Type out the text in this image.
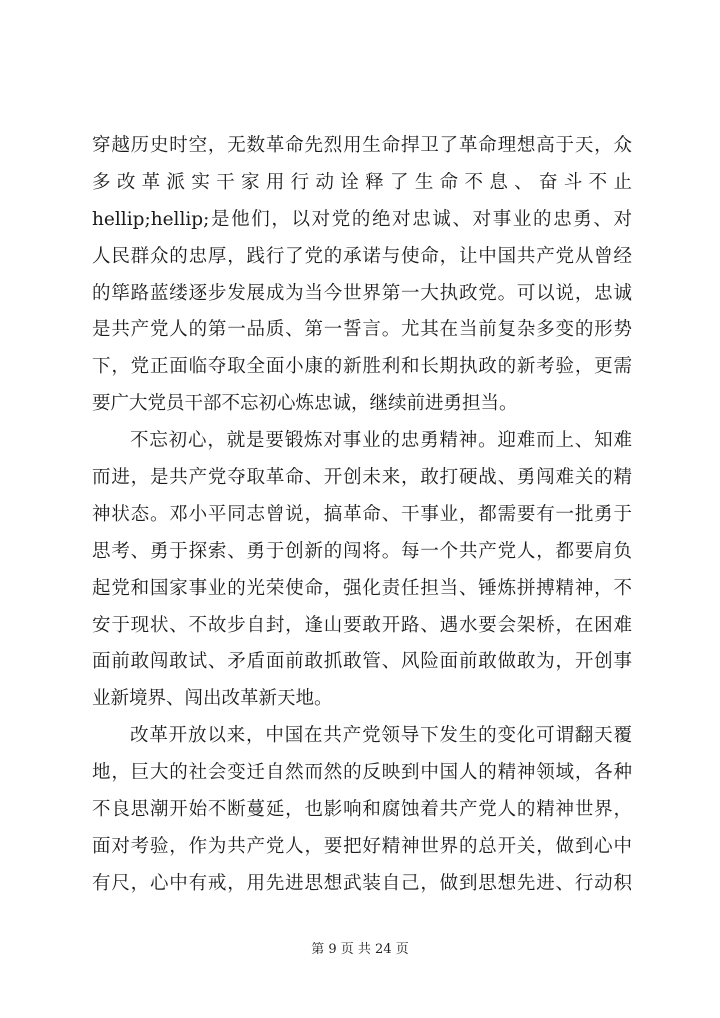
穿越历史时空，无数革命先烈用生命捍卫了革命理想高于天，众
多改革派实干家用行动诠释了生命不息、奋斗不止
hellip;hellip;是他们，以对党的绝对忠诚、对事业的忠勇、对
人民群众的忠厚，践行了党的承诺与使命，让中国共产党从曾经
的筚路蓝缕逐步发展成为当今世界第一大执政党。可以说，忠诚
是共产党人的第一品质、第一誓言。尤其在当前复杂多变的形势
下，党正面临夺取全面小康的新胜利和长期执政的新考验，更需
要广大党员干部不忘初心炼忠诚，继续前进勇担当。
不忘初心，就是要锻炼对事业的忠勇精神。迎难而上、知难
而进，是共产党夺取革命、开创未来，敢打硬战、勇闯难关的精
神状态。邓小平同志曾说，搞革命、干事业，都需要有一批勇于
思考、勇于探索、勇于创新的闯将。每一个共产党人，都要肩负
起党和国家事业的光荣使命，强化责任担当、锤炼拼搏精神，不
安于现状、不故步自封，逢山要敢开路、遇水要会架桥，在困难
面前敢闯敢试、矛盾面前敢抓敢管、风险面前敢做敢为，开创事
业新境界、闯出改革新天地。
改革开放以来，中国在共产党领导下发生的变化可谓翻天覆
地，巨大的社会变迁自然而然的反映到中国人的精神领域，各种
不良思潮开始不断蔓延，也影响和腐蚀着共产党人的精神世界，
面对考验，作为共产党人，要把好精神世界的总开关，做到心中
有尺，心中有戒，用先进思想武装自己，做到思想先进、行动积
第 9 页 共 24 页
